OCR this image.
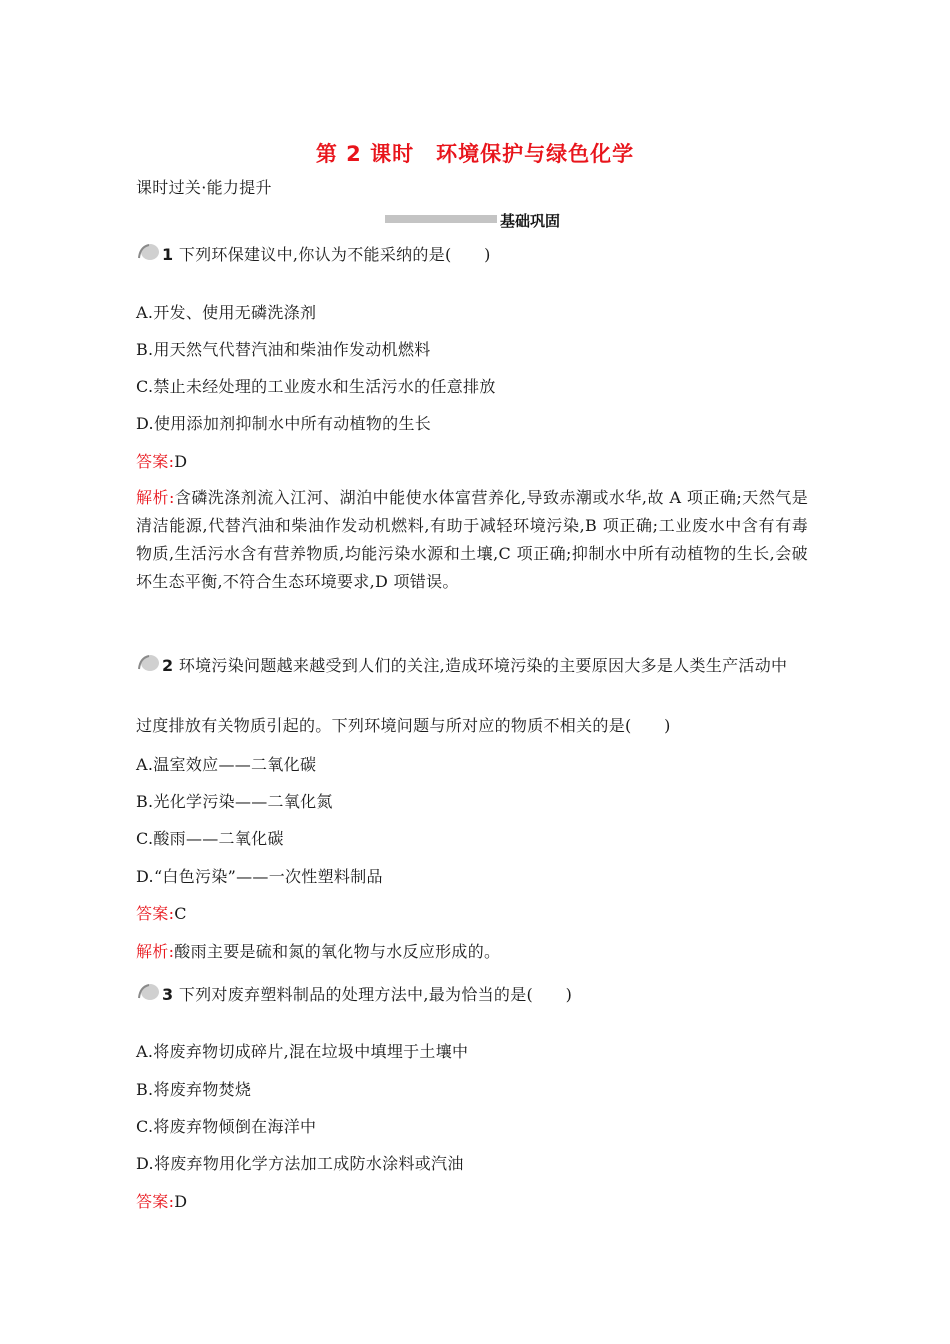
第 2 课时　环境保护与绿色化学
课时过关·能力提升
基础巩固
1 下列环保建议中,你认为不能采纳的是(　　)
A.开发、使用无磷洗涤剂
B.用天然气代替汽油和柴油作发动机燃料
C.禁止未经处理的工业废水和生活污水的任意排放
D.使用添加剂抑制水中所有动植物的生长
答案:D
解析:含磷洗涤剂流入江河、湖泊中能使水体富营养化,导致赤潮或水华,故 A 项正确;天然气是清洁能源,代替汽油和柴油作发动机燃料,有助于减轻环境污染,B 项正确;工业废水中含有有毒物质,生活污水含有营养物质,均能污染水源和土壤,C 项正确;抑制水中所有动植物的生长,会破坏生态平衡,不符合生态环境要求,D 项错误。
2 环境污染问题越来越受到人们的关注,造成环境污染的主要原因大多是人类生产活动中
过度排放有关物质引起的。下列环境问题与所对应的物质不相关的是(　　)
A.温室效应——二氧化碳
B.光化学污染——二氧化氮
C.酸雨——二氧化碳
D.“白色污染”——一次性塑料制品
答案:C
解析:酸雨主要是硫和氮的氧化物与水反应形成的。
3 下列对废弃塑料制品的处理方法中,最为恰当的是(　　)
A.将废弃物切成碎片,混在垃圾中填埋于土壤中
B.将废弃物焚烧
C.将废弃物倾倒在海洋中
D.将废弃物用化学方法加工成防水涂料或汽油
答案:D
